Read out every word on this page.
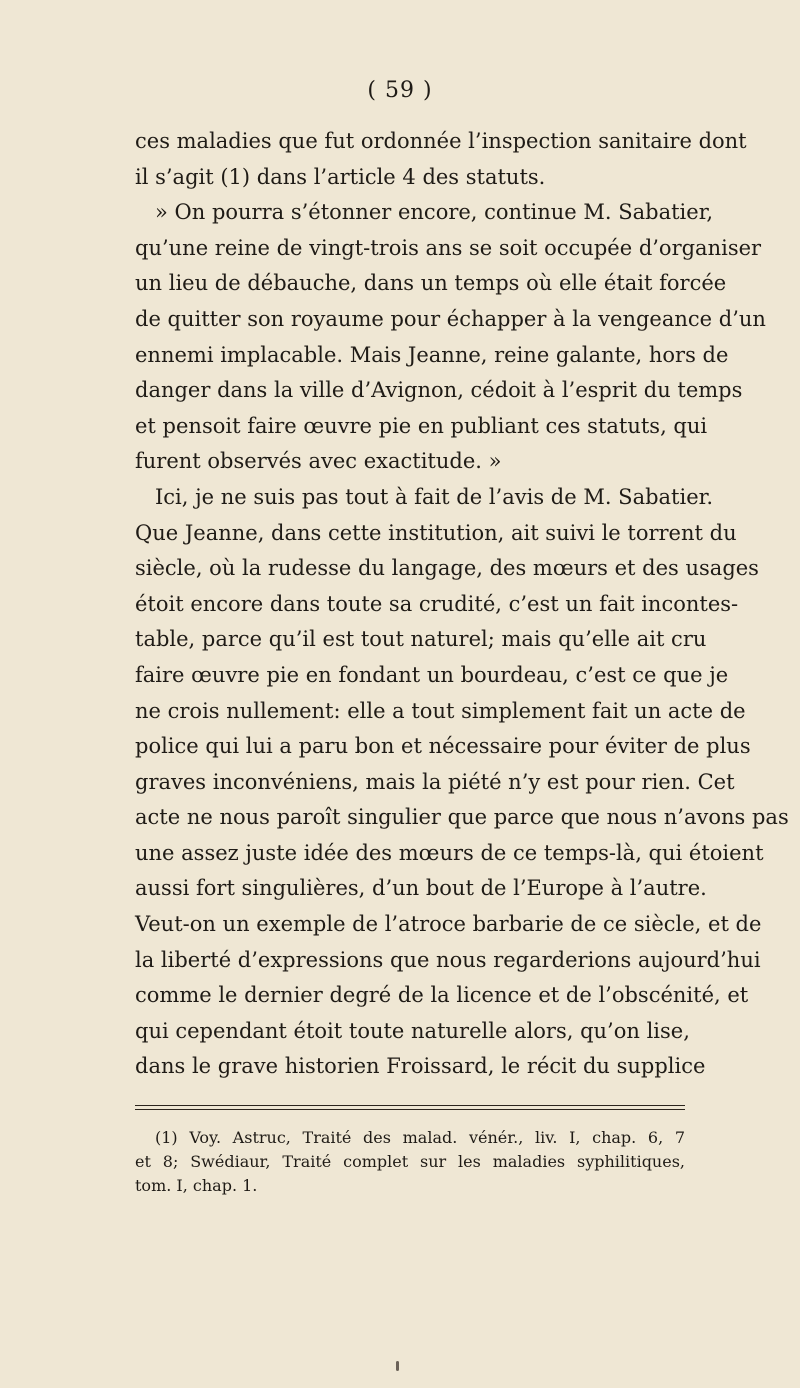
( 59 )
ces maladies que fut ordonnée l’inspection sanitaire dont
il s’agit (1) dans l’article 4 des statuts.
» On pourra s’étonner encore, continue M. Sabatier,
qu’une reine de vingt-trois ans se soit occupée d’organiser
un lieu de débauche, dans un temps où elle était forcée
de quitter son royaume pour échapper à la vengeance d’un
ennemi implacable. Mais Jeanne, reine galante, hors de
danger dans la ville d’Avignon, cédoit à l’esprit du temps
et pensoit faire œuvre pie en publiant ces statuts, qui
furent observés avec exactitude. »
Ici, je ne suis pas tout à fait de l’avis de M. Sabatier.
Que Jeanne, dans cette institution, ait suivi le torrent du
siècle, où la rudesse du langage, des mœurs et des usages
étoit encore dans toute sa crudité, c’est un fait incontes-
table, parce qu’il est tout naturel; mais qu’elle ait cru
faire œuvre pie en fondant un bourdeau, c’est ce que je
ne crois nullement: elle a tout simplement fait un acte de
police qui lui a paru bon et nécessaire pour éviter de plus
graves inconvéniens, mais la piété n’y est pour rien. Cet
acte ne nous paroît singulier que parce que nous n’avons pas
une assez juste idée des mœurs de ce temps-là, qui étoient
aussi fort singulières, d’un bout de l’Europe à l’autre.
Veut-on un exemple de l’atroce barbarie de ce siècle, et de
la liberté d’expressions que nous regarderions aujourd’hui
comme le dernier degré de la licence et de l’obscénité, et
qui cependant étoit toute naturelle alors, qu’on lise,
dans le grave historien Froissard, le récit du supplice
(1) Voy. Astruc, Traité des malad. vénér., liv. I, chap. 6, 7
et 8; Swédiaur, Traité complet sur les maladies syphilitiques,
tom. I, chap. 1.
